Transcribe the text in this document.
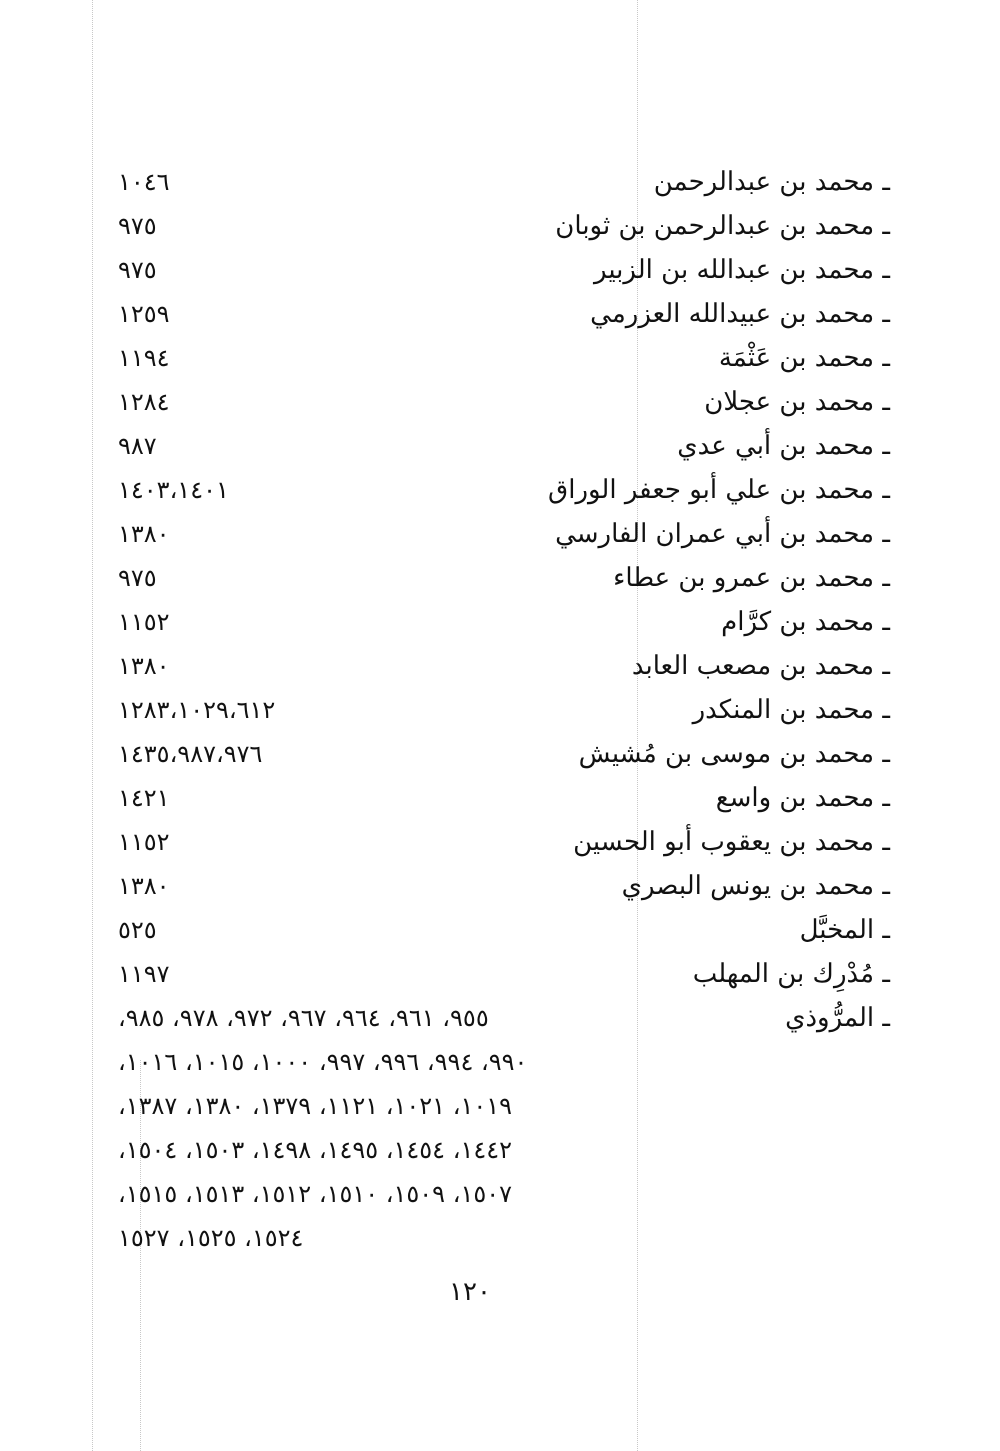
ـ محمد بن عبدالرحمن
١٠٤٦
ـ محمد بن عبدالرحمن بن ثوبان
٩٧٥
ـ محمد بن عبدالله بن الزبير
٩٧٥
ـ محمد بن عبيدالله العزرمي
١٢٥٩
ـ محمد بن عَثْمَة
١١٩٤
ـ محمد بن عجلان
١٢٨٤
ـ محمد بن أبي عدي
٩٨٧
ـ محمد بن علي أبو جعفر الوراق
١٤٠٣،١٤٠١
ـ محمد بن أبي عمران الفارسي
١٣٨٠
ـ محمد بن عمرو بن عطاء
٩٧٥
ـ محمد بن كرَّام
١١٥٢
ـ محمد بن مصعب العابد
١٣٨٠
ـ محمد بن المنكدر
١٢٨٣،١٠٢٩،٦١٢
ـ محمد بن موسى بن مُشيش
١٤٣٥،٩٨٧،٩٧٦
ـ محمد بن واسع
١٤٢١
ـ محمد بن يعقوب أبو الحسين
١١٥٢
ـ محمد بن يونس البصري
١٣٨٠
ـ المخبَّل
٥٢٥
ـ مُدْرِك بن المهلب
١١٩٧
ـ المرُّوذي
٩٥٥، ٩٦١، ٩٦٤، ٩٦٧، ٩٧٢، ٩٧٨، ٩٨٥،
٩٩٠، ٩٩٤، ٩٩٦، ٩٩٧، ١٠٠٠، ١٠١٥، ١٠١٦،
١٠١٩، ١٠٢١، ١١٢١، ١٣٧٩، ١٣٨٠، ١٣٨٧،
١٤٤٢، ١٤٥٤، ١٤٩٥، ١٤٩٨، ١٥٠٣، ١٥٠٤،
١٥٠٧، ١٥٠٩، ١٥١٠، ١٥١٢، ١٥١٣، ١٥١٥،
١٥٢٤، ١٥٢٥، ١٥٢٧
١٢٠
